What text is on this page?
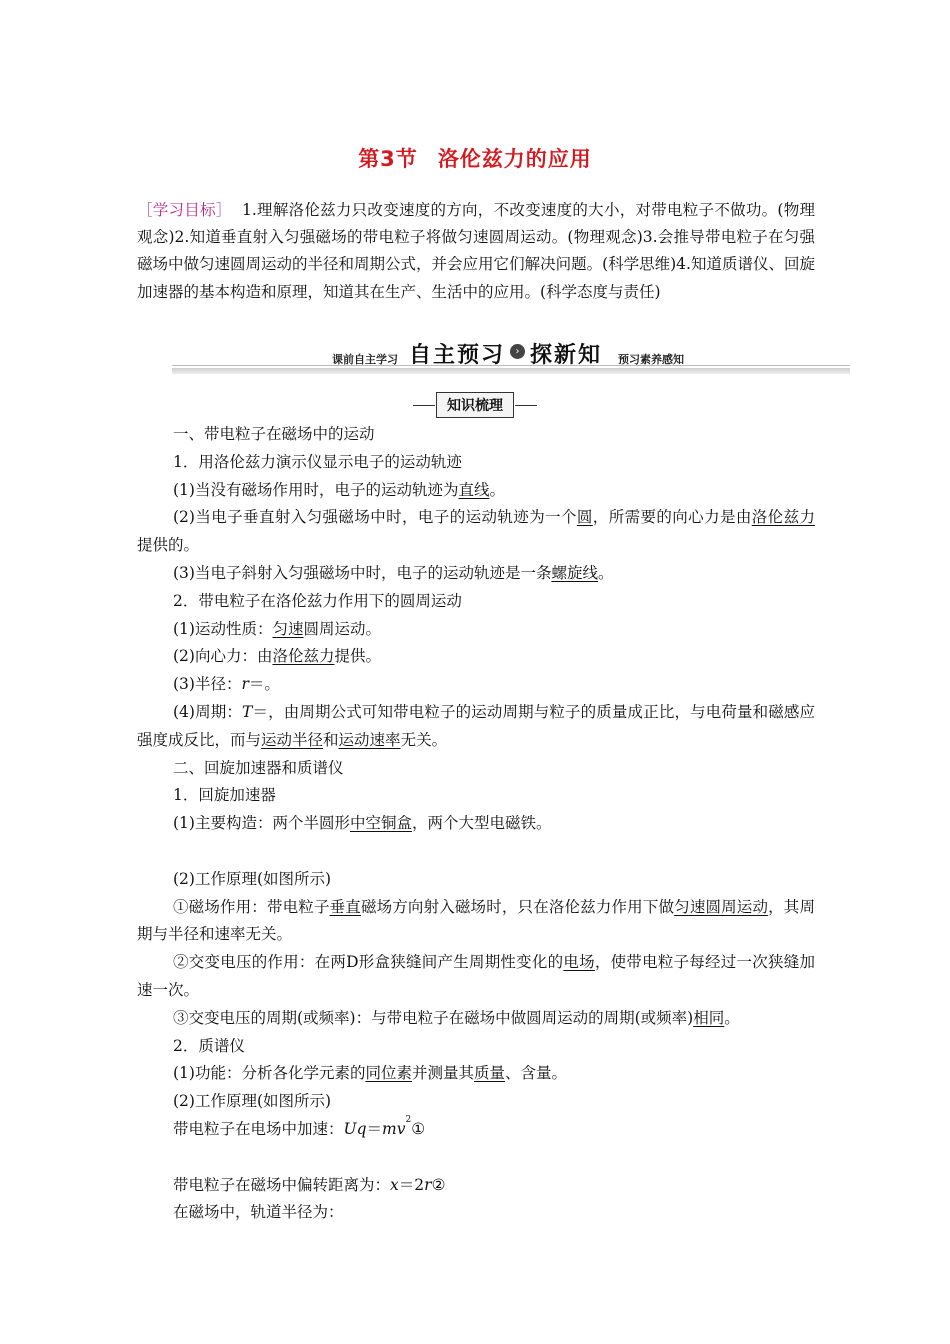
第3节 洛伦兹力的应用
［学习目标］ 1.理解洛伦兹力只改变速度的方向，不改变速度的大小，对带电粒子不做功。(物理观念)2.知道垂直射入匀强磁场的带电粒子将做匀速圆周运动。(物理观念)3.会推导带电粒子在匀强磁场中做匀速圆周运动的半径和周期公式，并会应用它们解决问题。(科学思维)4.知道质谱仪、回旋加速器的基本构造和原理，知道其在生产、生活中的应用。(科学态度与责任)
课前自主学习 自主预习	› 探新知 预习素养感知
知识梳理

一、带电粒子在磁场中的运动

1．用洛伦兹力演示仪显示电子的运动轨迹

(1)当没有磁场作用时，电子的运动轨迹为直线。

(2)当电子垂直射入匀强磁场中时，电子的运动轨迹为一个圆，所需要的向心力是由洛伦兹力提供的。

(3)当电子斜射入匀强磁场中时，电子的运动轨迹是一条螺旋线。

2．带电粒子在洛伦兹力作用下的圆周运动

(1)运动性质：匀速圆周运动。

(2)向心力：由洛伦兹力提供。

(3)半径：r＝。

(4)周期：T＝，由周期公式可知带电粒子的运动周期与粒子的质量成正比，与电荷量和磁感应强度成反比，而与运动半径和运动速率无关。

二、回旋加速器和质谱仪

1．回旋加速器

(1)主要构造：两个半圆形中空铜盒，两个大型电磁铁。

(2)工作原理(如图所示)

①磁场作用：带电粒子垂直磁场方向射入磁场时，只在洛伦兹力作用下做匀速圆周运动，其周期与半径和速率无关。

②交变电压的作用：在两D形盒狭缝间产生周期性变化的电场，使带电粒子每经过一次狭缝加速一次。

③交变电压的周期(或频率)：与带电粒子在磁场中做圆周运动的周期(或频率)相同。

2．质谱仪

(1)功能：分析各化学元素的同位素并测量其质量、含量。

(2)工作原理(如图所示)

带电粒子在电场中加速：$Uq=mv^2①$

带电粒子在磁场中偏转距离为：x＝2r②

在磁场中，轨道半径为：
